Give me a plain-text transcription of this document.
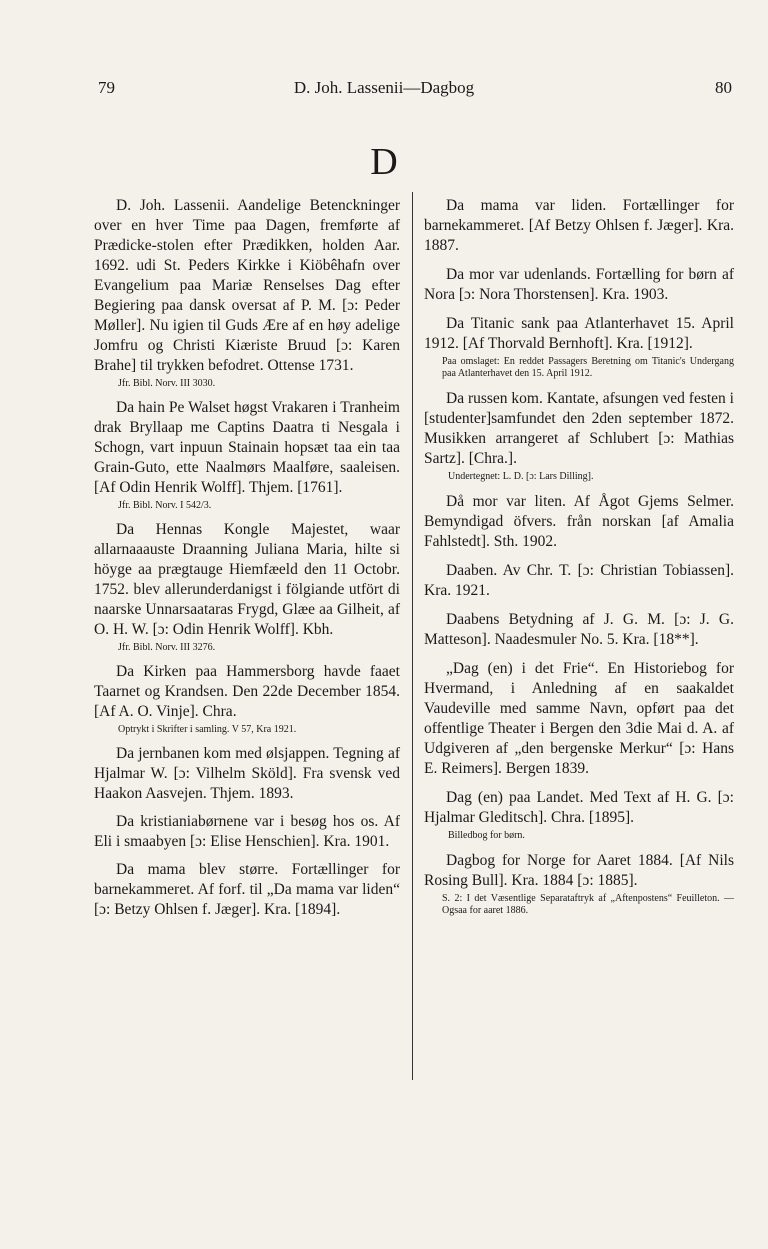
79	D. Joh. Lassenii—Dagbog	80
D
D. Joh. Lassenii. Aandelige Betenckninger over en hver Time paa Dagen, fremførte af Prædicke-stolen efter Prædikken, holden Aar. 1692. udi St. Peders Kirkke i Kiöbêhafn over Evangelium paa Mariæ Renselses Dag efter Begiering paa dansk oversat af P. M. [ɔ: Peder Møller]. Nu igien til Guds Ære af en høy adelige Jomfru og Christi Kiæriste Bruud [ɔ: Karen Brahe] til trykken befodret. Ottense 1731.
Jfr. Bibl. Norv. III 3030.
Da hain Pe Walset høgst Vrakaren i Tranheim drak Bryllaap me Captins Daatra ti Nesgala i Schogn, vart inpuun Stainain hopsæt taa ein taa Grain-Guto, ette Naalmørs Maalføre, saaleisen. [Af Odin Henrik Wolff]. Thjem. [1761].
Jfr. Bibl. Norv. I 542/3.
Da Hennas Kongle Majestet, waar allarnaaauste Draanning Juliana Maria, hilte si höyge aa prægtauge Hiemfæeld den 11 Octobr. 1752. blev allerunderdanigst i fölgiande utfört di naarske Unnarsaataras Frygd, Glæe aa Gilheit, af O. H. W. [ɔ: Odin Henrik Wolff]. Kbh.
Jfr. Bibl. Norv. III 3276.
Da Kirken paa Hammersborg havde faaet Taarnet og Krandsen. Den 22de December 1854. [Af A. O. Vinje]. Chra.
Optrykt i Skrifter i samling. V 57, Kra 1921.
Da jernbanen kom med ølsjappen. Tegning af Hjalmar W. [ɔ: Vilhelm Sköld]. Fra svensk ved Haakon Aasvejen. Thjem. 1893.
Da kristianiabørnene var i besøg hos os. Af Eli i smaabyen [ɔ: Elise Henschien]. Kra. 1901.
Da mama blev større. Fortællinger for barnekammeret. Af forf. til „Da mama var liden“ [ɔ: Betzy Ohlsen f. Jæger]. Kra. [1894].
Da mama var liden. Fortællinger for barnekammeret. [Af Betzy Ohlsen f. Jæger]. Kra. 1887.
Da mor var udenlands. Fortælling for børn af Nora [ɔ: Nora Thorstensen]. Kra. 1903.
Da Titanic sank paa Atlanterhavet 15. April 1912. [Af Thorvald Bernhoft]. Kra. [1912].
Paa omslaget: En reddet Passagers Beretning om Titanic's Undergang paa Atlanterhavet den 15. April 1912.
Da russen kom. Kantate, afsungen ved festen i [studenter]samfundet den 2den september 1872. Musikken arrangeret af Schlubert [ɔ: Mathias Sartz]. [Chra.].
Undertegnet: L. D. [ɔ: Lars Dilling].
Då mor var liten. Af Ågot Gjems Selmer. Bemyndigad öfvers. från norskan [af Amalia Fahlstedt]. Sth. 1902.
Daaben. Av Chr. T. [ɔ: Christian Tobiassen]. Kra. 1921.
Daabens Betydning af J. G. M. [ɔ: J. G. Matteson]. Naadesmuler No. 5. Kra. [18**].
„Dag (en) i det Frie“. En Historiebog for Hvermand, i Anledning af en saakaldet Vaudeville med samme Navn, opført paa det offentlige Theater i Bergen den 3die Mai d. A. af Udgiveren af „den bergenske Merkur“ [ɔ: Hans E. Reimers]. Bergen 1839.
Dag (en) paa Landet. Med Text af H. G. [ɔ: Hjalmar Gleditsch]. Chra. [1895].
Billedbog for børn.
Dagbog for Norge for Aaret 1884. [Af Nils Rosing Bull]. Kra. 1884 [ɔ: 1885].
S. 2: I det Væsentlige Separataftryk af „Aftenpostens“ Feuilleton. — Ogsaa for aaret 1886.
